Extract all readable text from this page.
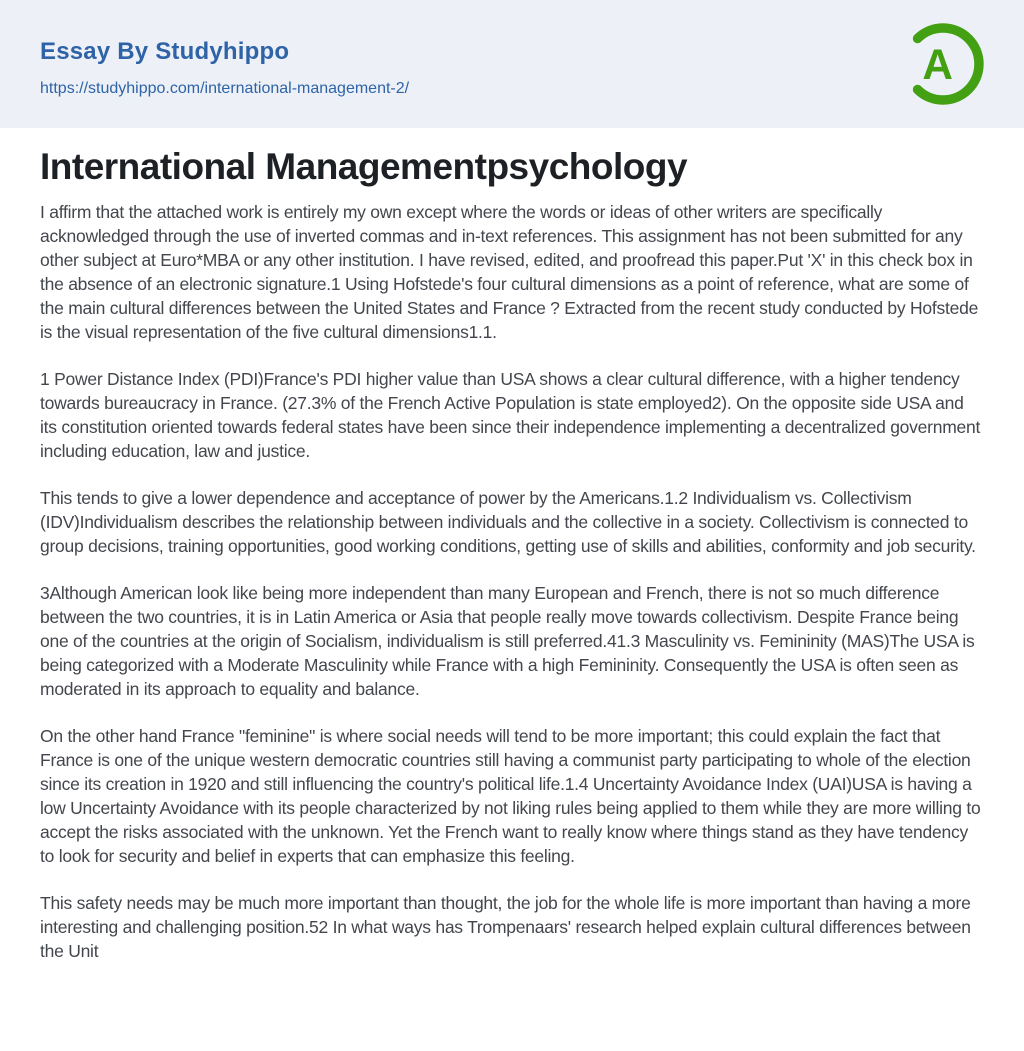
Essay By Studyhippo
https://studyhippo.com/international-management-2/
A
International Managementpsychology

I affirm that the attached work is entirely my own except where the words or ideas of other writers are specifically acknowledged through the use of inverted commas and in-text references. This assignment has not been submitted for any other subject at Euro*MBA or any other institution. I have revised, edited, and proofread this paper.Put 'X' in this check box in the absence of an electronic signature.1 Using Hofstede's four cultural dimensions as a point of reference, what are some of the main cultural differences between the United States and France ? Extracted from the recent study conducted by Hofstede is the visual representation of the five cultural dimensions1.1.

1 Power Distance Index (PDI)France's PDI higher value than USA shows a clear cultural difference, with a higher tendency towards bureaucracy in France. (27.3% of the French Active Population is state employed2). On the opposite side USA and its constitution oriented towards federal states have been since their independence implementing a decentralized government including education, law and justice.

This tends to give a lower dependence and acceptance of power by the Americans.1.2 Individualism vs. Collectivism (IDV)Individualism describes the relationship between individuals and the collective in a society. Collectivism is connected to group decisions, training opportunities, good working conditions, getting use of skills and abilities, conformity and job security.

3Although American look like being more independent than many European and French, there is not so much difference between the two countries, it is in Latin America or Asia that people really move towards collectivism. Despite France being one of the countries at the origin of Socialism, individualism is still preferred.41.3 Masculinity vs. Femininity (MAS)The USA is being categorized with a Moderate Masculinity while France with a high Femininity. Consequently the USA is often seen as moderated in its approach to equality and balance.

On the other hand France "feminine" is where social needs will tend to be more important; this could explain the fact that France is one of the unique western democratic countries still having a communist party participating to whole of the election since its creation in 1920 and still influencing the country's political life.1.4 Uncertainty Avoidance Index (UAI)USA is having a low Uncertainty Avoidance with its people characterized by not liking rules being applied to them while they are more willing to accept the risks associated with the unknown. Yet the French want to really know where things stand as they have tendency to look for security and belief in experts that can emphasize this feeling.

This safety needs may be much more important than thought, the job for the whole life is more important than having a more interesting and challenging position.52 In what ways has Trompenaars' research helped explain cultural differences between the Unit
